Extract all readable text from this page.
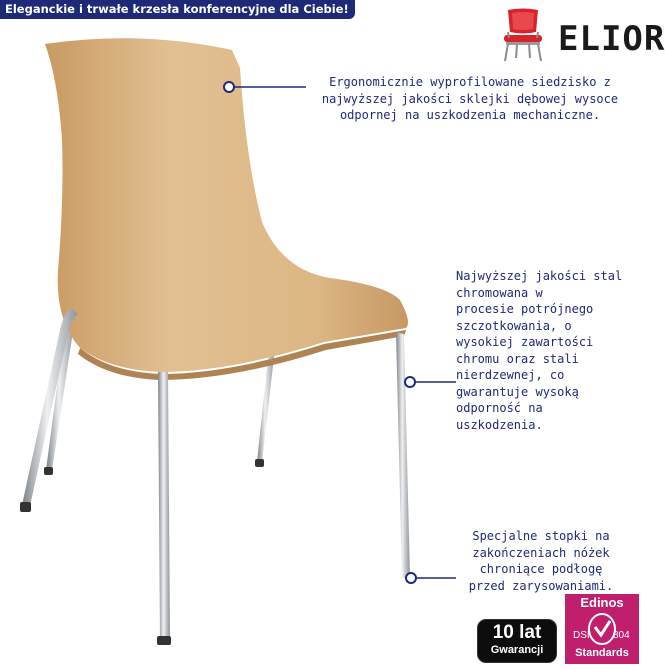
Eleganckie i trwałe krzesła konferencyjne dla Ciebie!
ELIOR
Ergonomicznie wyprofilowane siedzisko z
najwyższej jakości sklejki dębowej wysoce
odpornej na uszkodzenia mechaniczne.
Najwyższej jakości stal
chromowana w
procesie potrójnego
szczotkowania, o
wysokiej zawartości
chromu oraz stali
nierdzewnej, co
gwarantuje wysoką
odporność na
uszkodzenia.
Specjalne stopki na
zakończeniach nóżek
chroniące podłogę
przed zarysowaniami.
10 lat
Gwarancji
Edinos
DSI 804
Standards
